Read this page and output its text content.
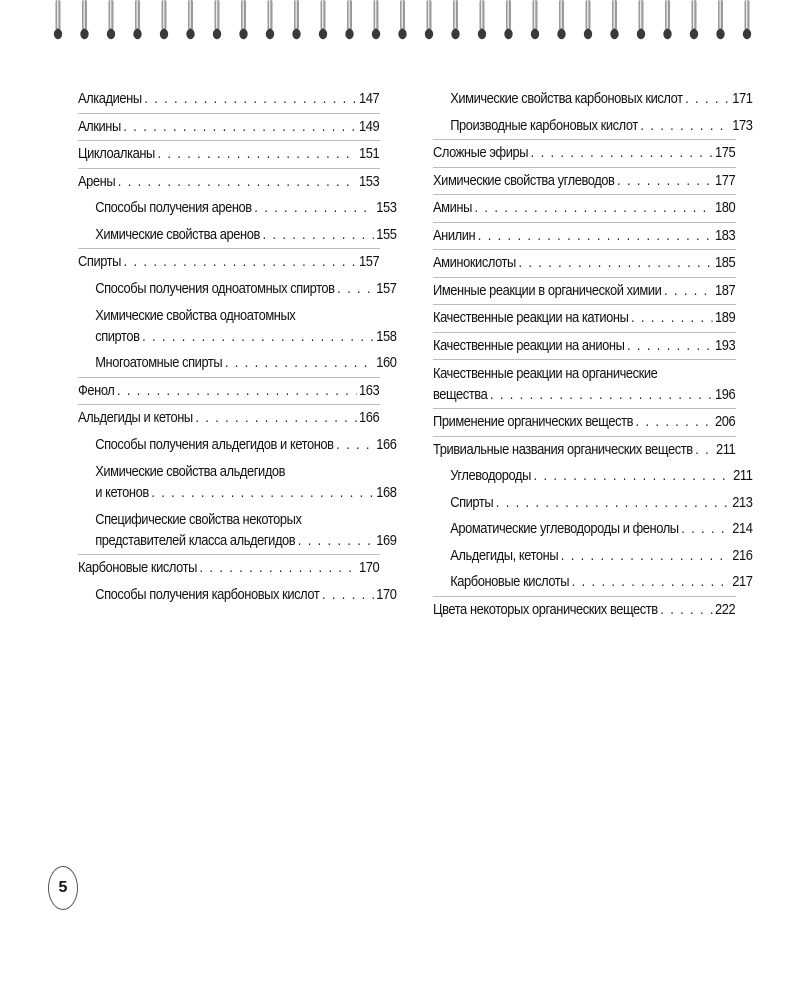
Алкадиены . . .	147
Алкины . . .	149
Циклоалканы . . .	151
Арены . . .	153
Способы получения аренов . . .	153
Химические свойства аренов . . .	155
Спирты . . .	157
Способы получения одноатомных спиртов . . .	157
Химические свойства одноатомных
спиртов . . .	158
Многоатомные спирты . . .	160
Фенол . . .	163
Альдегиды и кетоны . . .	166
Способы получения альдегидов и кетонов . . .	166
Химические свойства альдегидов
и кетонов . . .	168
Специфические свойства некоторых
представителей класса альдегидов . . .	169
Карбоновые кислоты . . .	170
Способы получения карбоновых кислот . . .	170
Химические свойства карбоновых кислот . . .	171
Производные карбоновых кислот . . .	173
Сложные эфиры . . .	175
Химические свойства углеводов . . .	177
Амины . . .	180
Анилин . . .	183
Аминокислоты . . .	185
Именные реакции в органической химии . . .	187
Качественные реакции на катионы . . .	189
Качественные реакции на анионы . . .	193
Качественные реакции на органические
вещества . . .	196
Применение органических веществ . . .	206
Тривиальные названия органических веществ . . . 211
Углеводороды . . .	211
Спирты . . .	213
Ароматические углеводороды и фенолы . . .	214
Альдегиды, кетоны . . .	216
Карбоновые кислоты . . .	217
Цвета некоторых органических веществ . . .	222
5
